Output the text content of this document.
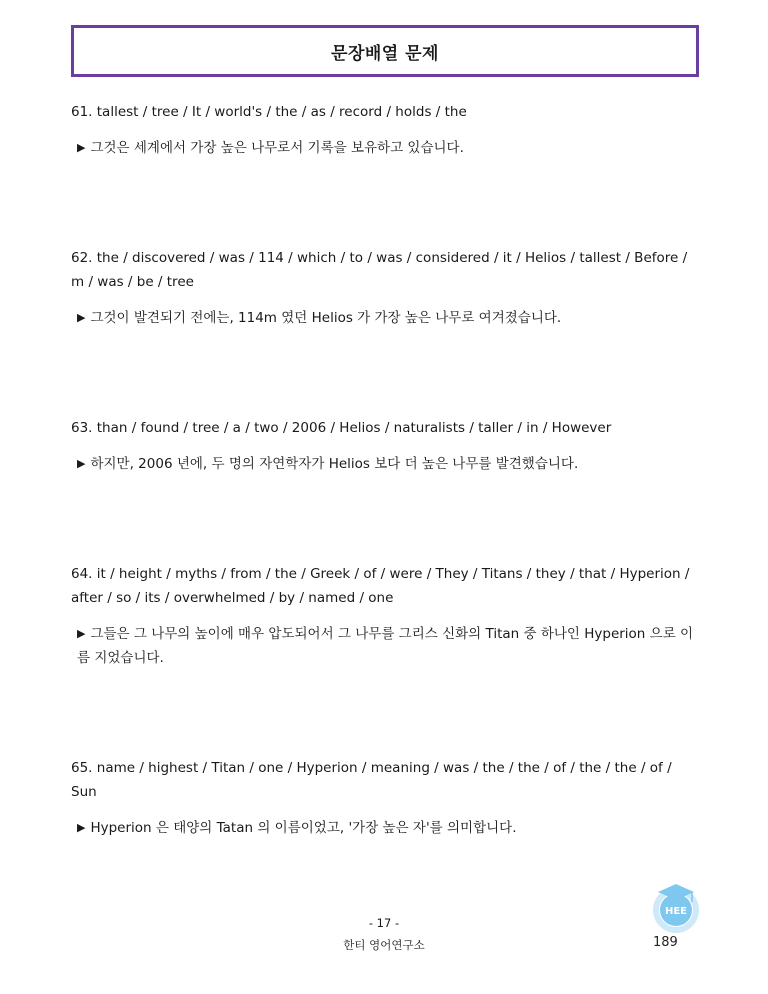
문장배열 문제

61. tallest / tree / It / world's / the / as / record / holds / the

▶ 그것은 세계에서 가장 높은 나무로서 기록을 보유하고 있습니다.

62. the / discovered / was / 114 / which / to / was / considered / it / Helios / tallest / Before / m / was / be / tree

▶ 그것이 발견되기 전에는, 114m 였던 Helios 가 가장 높은 나무로 여겨졌습니다.

63. than / found / tree / a / two / 2006 / Helios / naturalists / taller / in / However

▶ 하지만, 2006 년에, 두 명의 자연학자가 Helios 보다 더 높은 나무를 발견했습니다.

64. it / height / myths / from / the / Greek / of / were / They / Titans / they / that / Hyperion / after / so / its / overwhelmed / by / named / one

▶ 그들은 그 나무의 높이에 매우 압도되어서 그 나무를 그리스 신화의 Titan 중 하나인 Hyperion 으로 이름 지었습니다.

65. name / highest / Titan / one / Hyperion / meaning / was / the / the / of / the / the / of / Sun

▶ Hyperion 은 태양의 Tatan 의 이름이었고, '가장 높은 자'를 의미합니다.

HEE
- 17 -
한티 영어연구소	189
